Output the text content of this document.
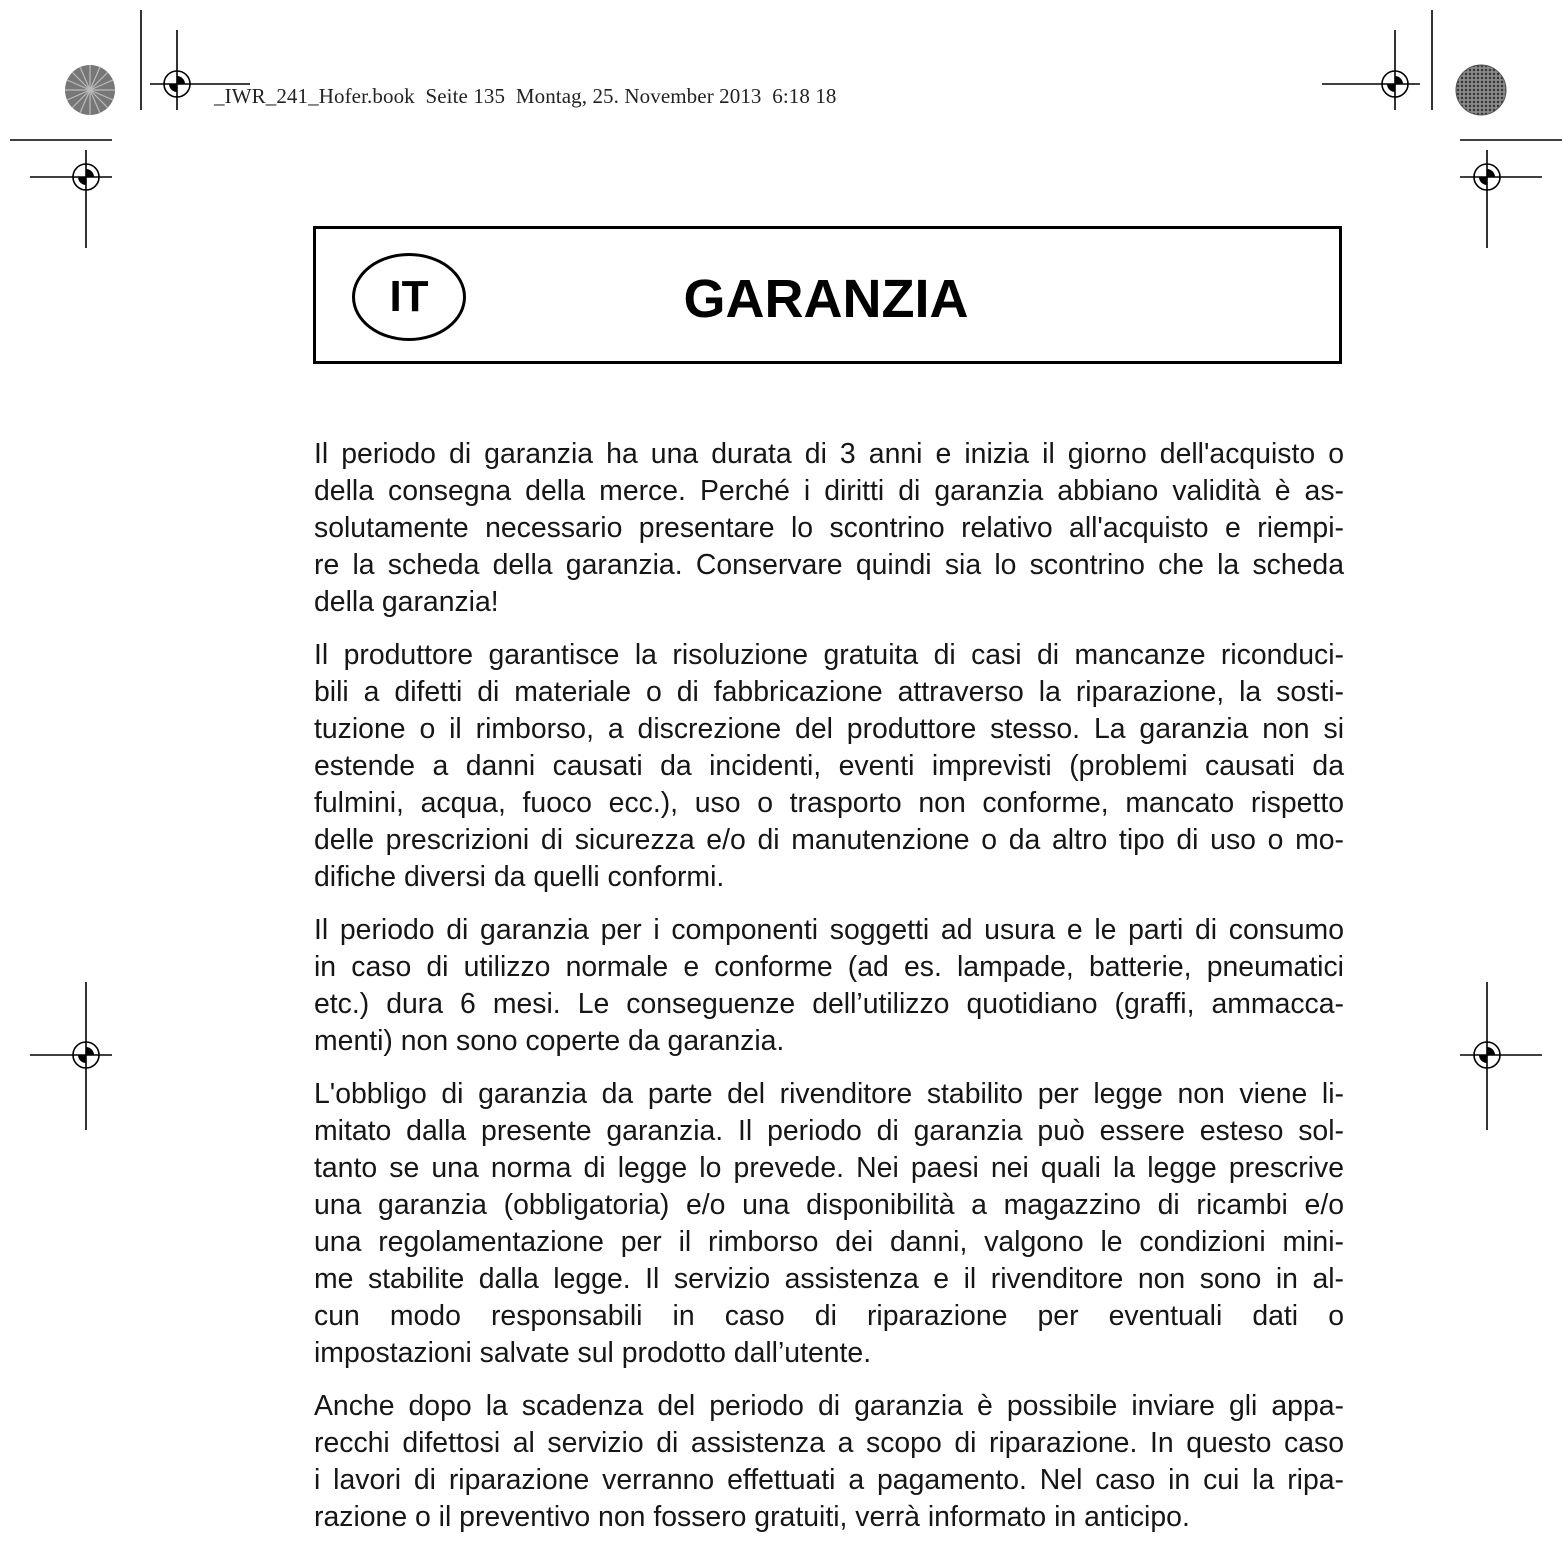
_IWR_241_Hofer.book  Seite 135  Montag, 25. November 2013  6:18 18
IT	GARANZIA

Il periodo di garanzia ha una durata di 3 anni e inizia il giorno dell'acquisto o
della consegna della merce. Perché i diritti di garanzia abbiano validità è as-
solutamente necessario presentare lo scontrino relativo all'acquisto e riempi-
re la scheda della garanzia. Conservare quindi sia lo scontrino che la scheda
della garanzia!

Il produttore garantisce la risoluzione gratuita di casi di mancanze riconduci-
bili a difetti di materiale o di fabbricazione attraverso la riparazione, la sosti-
tuzione o il rimborso, a discrezione del produttore stesso. La garanzia non si
estende a danni causati da incidenti, eventi imprevisti (problemi causati da
fulmini, acqua, fuoco ecc.), uso o trasporto non conforme, mancato rispetto
delle prescrizioni di sicurezza e/o di manutenzione o da altro tipo di uso o mo-
difiche diversi da quelli conformi.

Il periodo di garanzia per i componenti soggetti ad usura e le parti di consumo
in caso di utilizzo normale e conforme (ad es. lampade, batterie, pneumatici
etc.) dura 6 mesi. Le conseguenze dell’utilizzo quotidiano (graffi, ammacca-
menti) non sono coperte da garanzia.

L'obbligo di garanzia da parte del rivenditore stabilito per legge non viene li-
mitato dalla presente garanzia. Il periodo di garanzia può essere esteso sol-
tanto se una norma di legge lo prevede. Nei paesi nei quali la legge prescrive
una garanzia (obbligatoria) e/o una disponibilità a magazzino di ricambi e/o
una regolamentazione per il rimborso dei danni, valgono le condizioni mini-
me stabilite dalla legge. Il servizio assistenza e il rivenditore non sono in al-
cun modo responsabili in caso di riparazione per eventuali dati o
impostazioni salvate sul prodotto dall’utente.

Anche dopo la scadenza del periodo di garanzia è possibile inviare gli appa-
recchi difettosi al servizio di assistenza a scopo di riparazione. In questo caso
i lavori di riparazione verranno effettuati a pagamento. Nel caso in cui la ripa-
razione o il preventivo non fossero gratuiti, verrà informato in anticipo.
